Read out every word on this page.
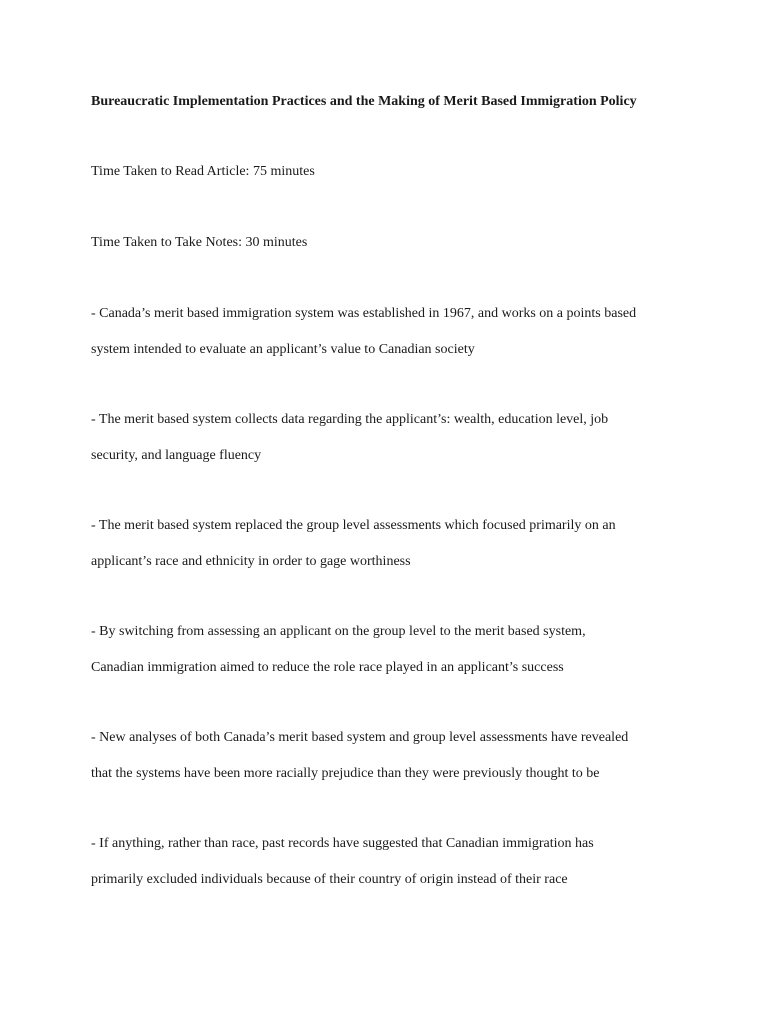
Bureaucratic Implementation Practices and the Making of Merit Based Immigration Policy
Time Taken to Read Article: 75 minutes
Time Taken to Take Notes: 30 minutes
- Canada’s merit based immigration system was established in 1967, and works on a points based
system intended to evaluate an applicant’s value to Canadian society
- The merit based system collects data regarding the applicant’s: wealth, education level, job
security, and language fluency
- The merit based system replaced the group level assessments which focused primarily on an
applicant’s race and ethnicity in order to gage worthiness
- By switching from assessing an applicant on the group level to the merit based system,
Canadian immigration aimed to reduce the role race played in an applicant’s success
- New analyses of both Canada’s merit based system and group level assessments have revealed
that the systems have been more racially prejudice than they were previously thought to be
- If anything, rather than race, past records have suggested that Canadian immigration has
primarily excluded individuals because of their country of origin instead of their race
